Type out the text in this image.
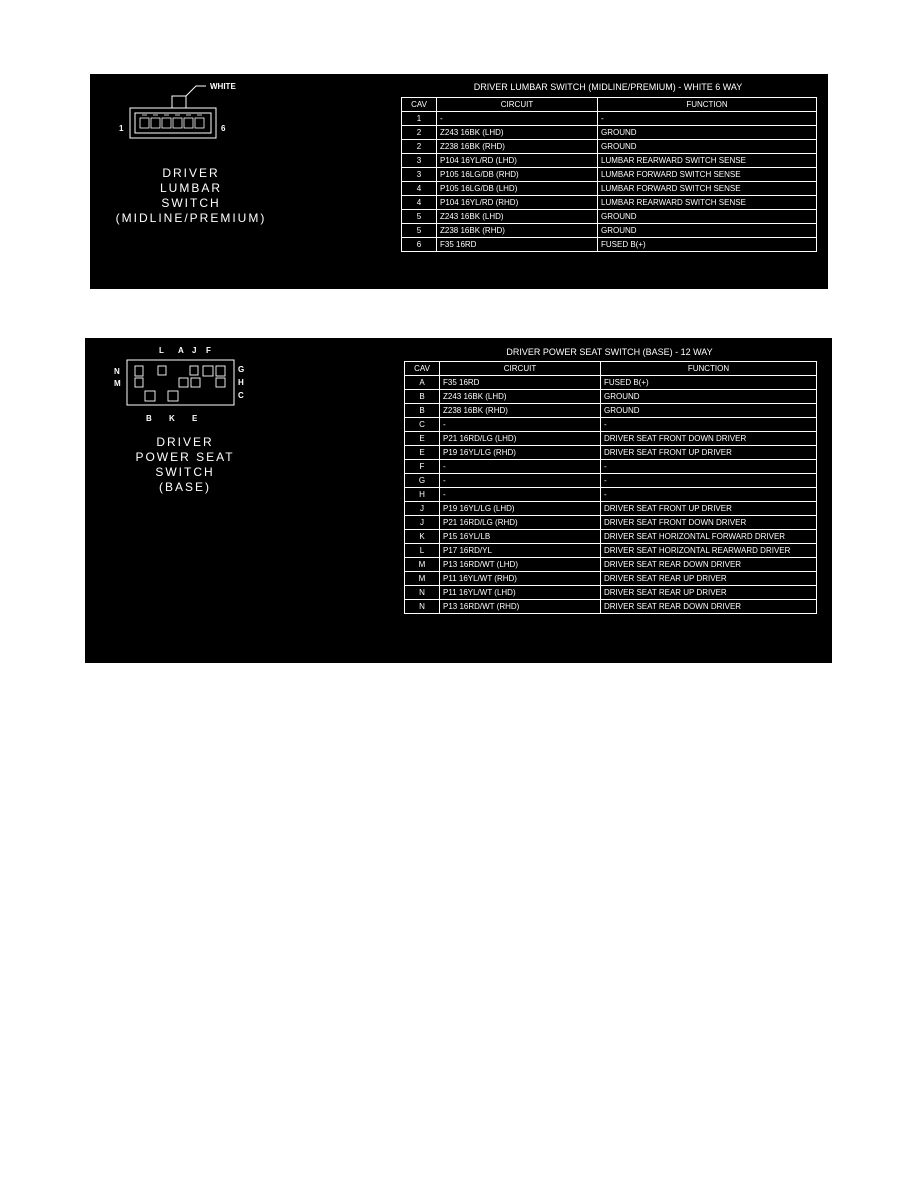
WHITE
1	6
DRIVER
LUMBAR
SWITCH
(MIDLINE/PREMIUM)
DRIVER LUMBAR SWITCH (MIDLINE/PREMIUM) - WHITE 6 WAY
CAV	CIRCUIT	FUNCTION
1	-	-
2	Z243 16BK (LHD)	GROUND
2	Z238 16BK (RHD)	GROUND
3	P104 16YL/RD (LHD)	LUMBAR REARWARD SWITCH SENSE
3	P105 16LG/DB (RHD)	LUMBAR FORWARD SWITCH SENSE
4	P105 16LG/DB (LHD)	LUMBAR FORWARD SWITCH SENSE
4	P104 16YL/RD (RHD)	LUMBAR REARWARD SWITCH SENSE
5	Z243 16BK (LHD)	GROUND
5	Z238 16BK (RHD)	GROUND
6	F35 16RD	FUSED B(+)
L A J F
N
M
G
H
C
B K E
DRIVER
POWER SEAT
SWITCH
(BASE)
DRIVER POWER SEAT SWITCH (BASE) - 12 WAY
CAV	CIRCUIT	FUNCTION
A	F35 16RD	FUSED B(+)
B	Z243 16BK (LHD)	GROUND
B	Z238 16BK (RHD)	GROUND
C	-	-
E	P21 16RD/LG (LHD)	DRIVER SEAT FRONT DOWN DRIVER
E	P19 16YL/LG (RHD)	DRIVER SEAT FRONT UP DRIVER
F	-	-
G	-	-
H	-	-
J	P19 16YL/LG (LHD)	DRIVER SEAT FRONT UP DRIVER
J	P21 16RD/LG (RHD)	DRIVER SEAT FRONT DOWN DRIVER
K	P15 16YL/LB	DRIVER SEAT HORIZONTAL FORWARD DRIVER
L	P17 16RD/YL	DRIVER SEAT HORIZONTAL REARWARD DRIVER
M	P13 16RD/WT (LHD)	DRIVER SEAT REAR DOWN DRIVER
M	P11 16YL/WT (RHD)	DRIVER SEAT REAR UP DRIVER
N	P11 16YL/WT (LHD)	DRIVER SEAT REAR UP DRIVER
N	P13 16RD/WT (RHD)	DRIVER SEAT REAR DOWN DRIVER
